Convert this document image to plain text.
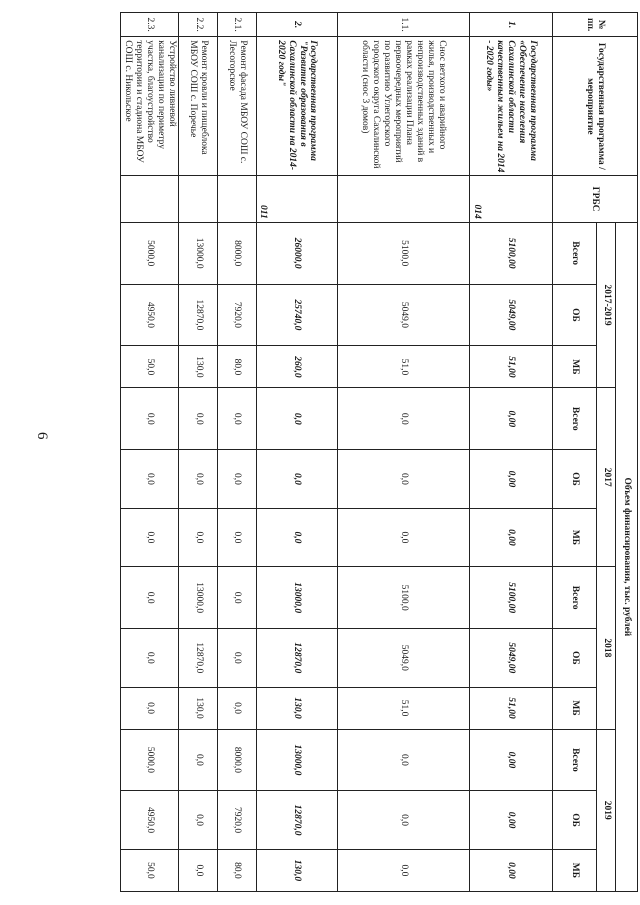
6
№ пп.	Государственная программа / мероприятие	ГРБС	Объем финансирования, тыс. рублей											
			2017-2019			2017			2018			2019		
			Всего	ОБ	МБ	Всего	ОБ	МБ	Всего	ОБ	МБ	Всего	ОБ	МБ
1.	Государственная программа «Обеспечение населения Сахалинской области качественным жильем на 2014 - 2020 годы»	014	5100,00	5049,00	51,00	0,00	0,00	0,00	5100,00	5049,00	51,00	0,00	0,00	0,00
1.1.	Снос ветхого и аварийного жилья, производственных и непроизводственных зданий в рамках реализации Плана первоочередных мероприятий по развитию Углегорского городского округа Сахалинской области (снос 3 домов)		5100,0	5049,0	51,0	0,0	0,0	0,0	5100,0	5049,0	51,0	0,0	0,0	0,0
2.	Государственная программа "Развитие образования в Сахалинской области на 2014-2020 годы"	011	26000,0	25740,0	260,0	0,0	0,0	0,0	13000,0	12870,0	130,0	13000,0	12870,0	130,0
2.1.	Ремонт фасада МБОУ СОШ с. Лесогорское		8000,0	7920,0	80,0	0,0	0,0	0,0	0,0	0,0	0,0	8000,0	7920,0	80,0
2.2.	Ремонт кровли и пищеблока МБОУ СОШ с. Поречье		13000,0	12870,0	130,0	0,0	0,0	0,0	13000,0	12870,0	130,0	0,0	0,0	0,0
2.3.	Устройство ливневой канализации по периметру участка, благоустройство территории и стадиона МБОУ СОШ с. Никольское		5000,0	4950,0	50,0	0,0	0,0	0,0	0,0	0,0	0,0	5000,0	4950,0	50,0
